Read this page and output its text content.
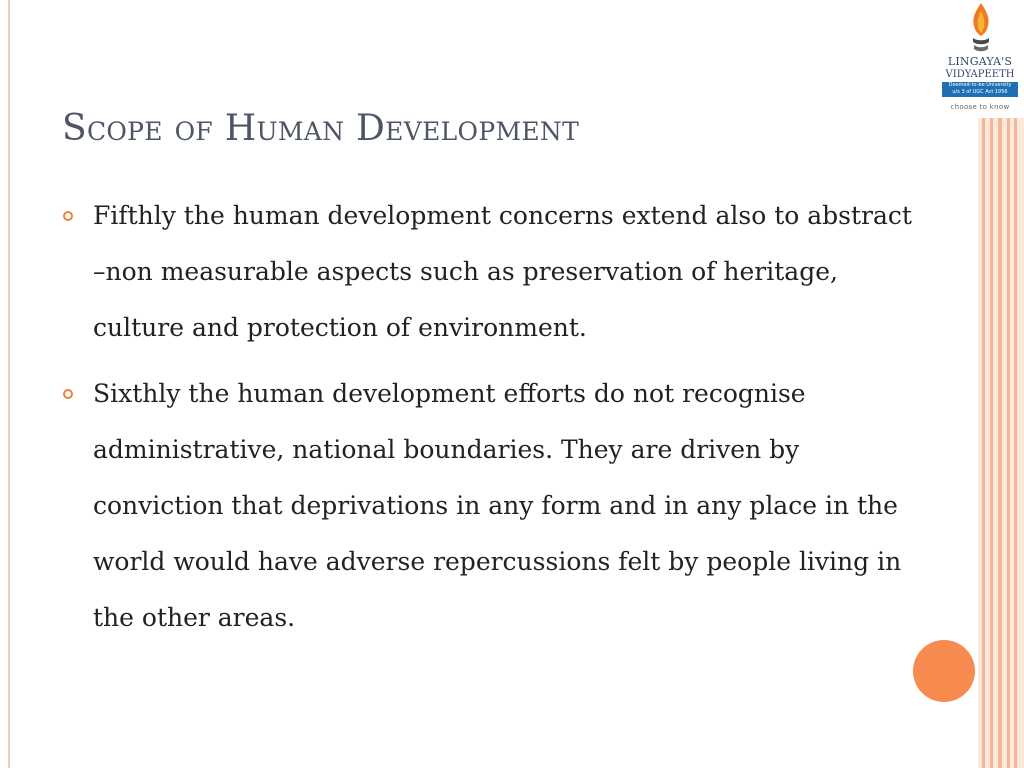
LINGAYA'S
VIDYAPEETH
Deemed-to-be University
u/s 3 of UGC Act 1956
choose to know
Scope of Human Development
Fifthly the human development concerns extend also to abstract –non measurable aspects such as preservation of heritage, culture and protection of environment.
Sixthly the human development efforts do not recognise administrative, national boundaries. They are driven by conviction that deprivations in any form and in any place in the world would have adverse repercussions felt by people living in the other areas.
